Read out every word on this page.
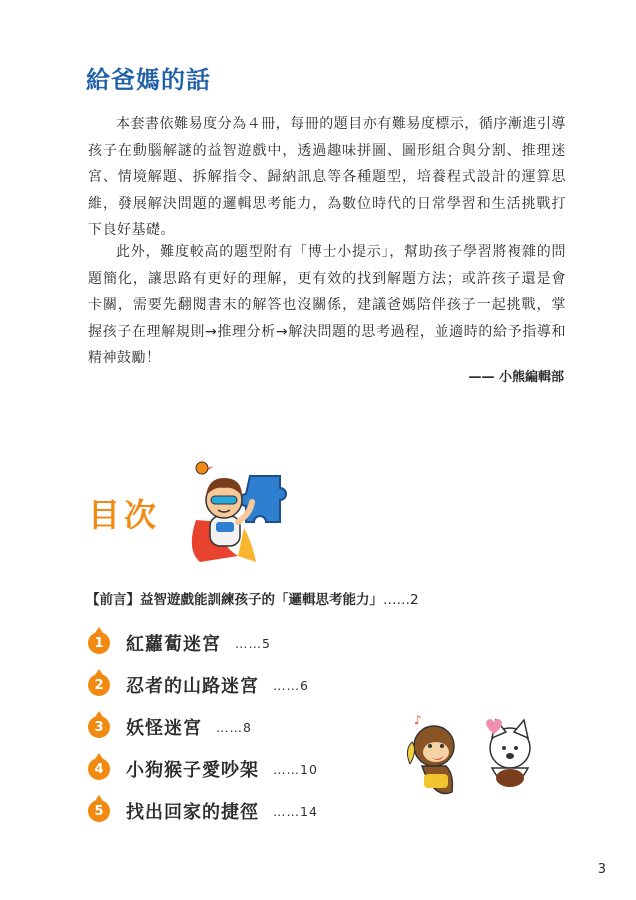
給爸媽的話

本套書依難易度分為４冊，每冊的題目亦有難易度標示，循序漸進引導孩子在動腦解謎的益智遊戲中，透過趣味拼圖、圖形組合與分割、推理迷宮、情境解題、拆解指令、歸納訊息等各種題型，培養程式設計的運算思維，發展解決問題的邏輯思考能力，為數位時代的日常學習和生活挑戰打下良好基礎。

此外，難度較高的題型附有「博士小提示」，幫助孩子學習將複雜的問題簡化，讓思路有更好的理解，更有效的找到解題方法；或許孩子還是會卡關，需要先翻閱書末的解答也沒關係，建議爸媽陪伴孩子一起挑戰，掌握孩子在理解規則→推理分析→解決問題的思考過程，並適時的給予指導和精神鼓勵！

—— 小熊編輯部

目次

【前言】益智遊戲能訓練孩子的「邏輯思考能力」……2

1	紅蘿蔔迷宮 ……5
2	忍者的山路迷宮 ……6
3	妖怪迷宮 ……8
4	小狗猴子愛吵架 ……10
5	找出回家的捷徑 ……14
♪

3
